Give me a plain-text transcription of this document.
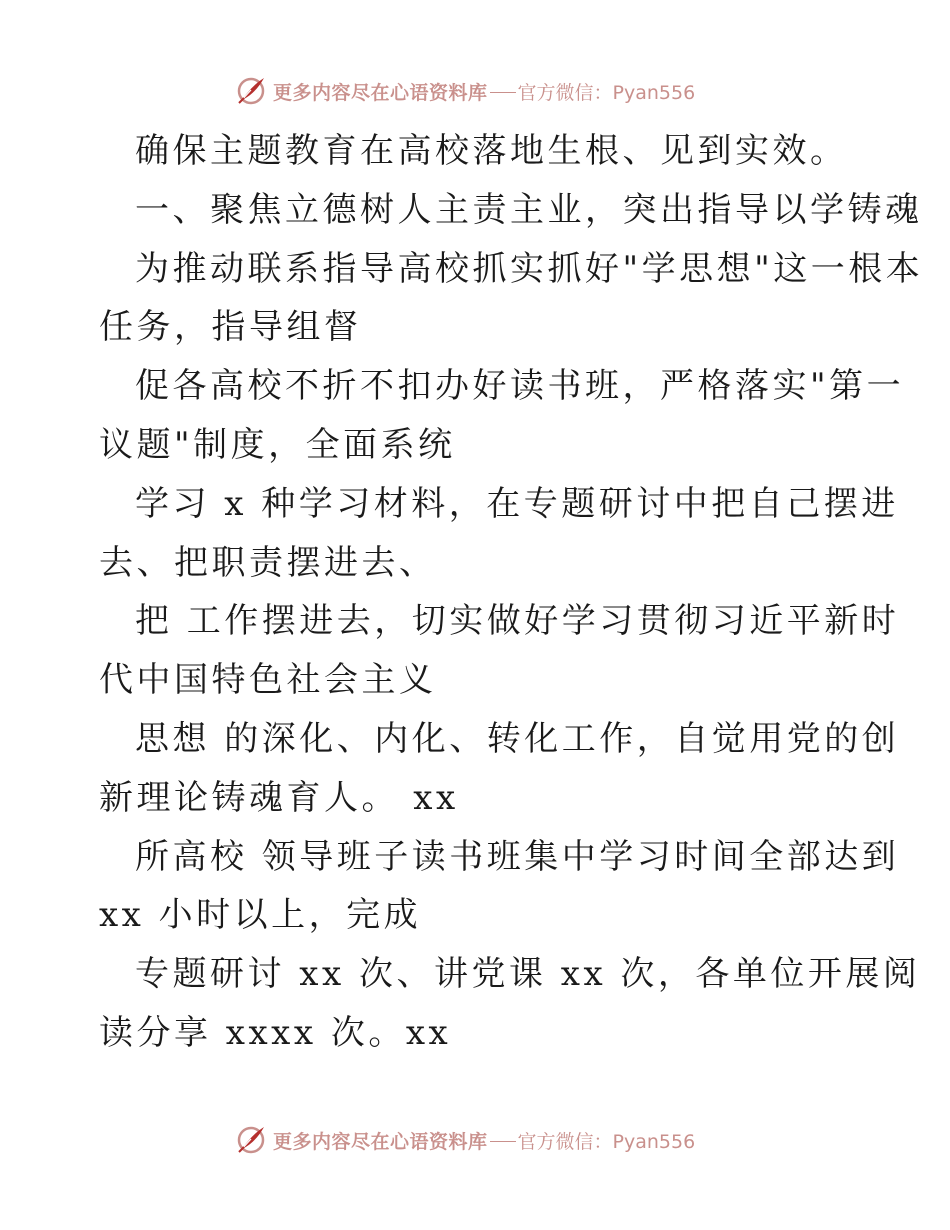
更多内容尽在心语资料库 官方微信：Pyan556
确保主题教育在高校落地生根、见到实效。
一、聚焦立德树人主责主业，突出指导以学铸魂
为推动联系指导高校抓实抓好"学思想"这一根本
任务，指导组督
促各高校不折不扣办好读书班，严格落实"第一
议题"制度，全面系统
学习 x 种学习材料，在专题研讨中把自己摆进
去、把职责摆进去、
把 工作摆进去，切实做好学习贯彻习近平新时
代中国特色社会主义
思想 的深化、内化、转化工作，自觉用党的创
新理论铸魂育人。 xx
所高校 领导班子读书班集中学习时间全部达到
xx 小时以上，完成
专题研讨 xx 次、讲党课 xx 次，各单位开展阅
读分享 xxxx 次。xx
更多内容尽在心语资料库 官方微信：Pyan556
